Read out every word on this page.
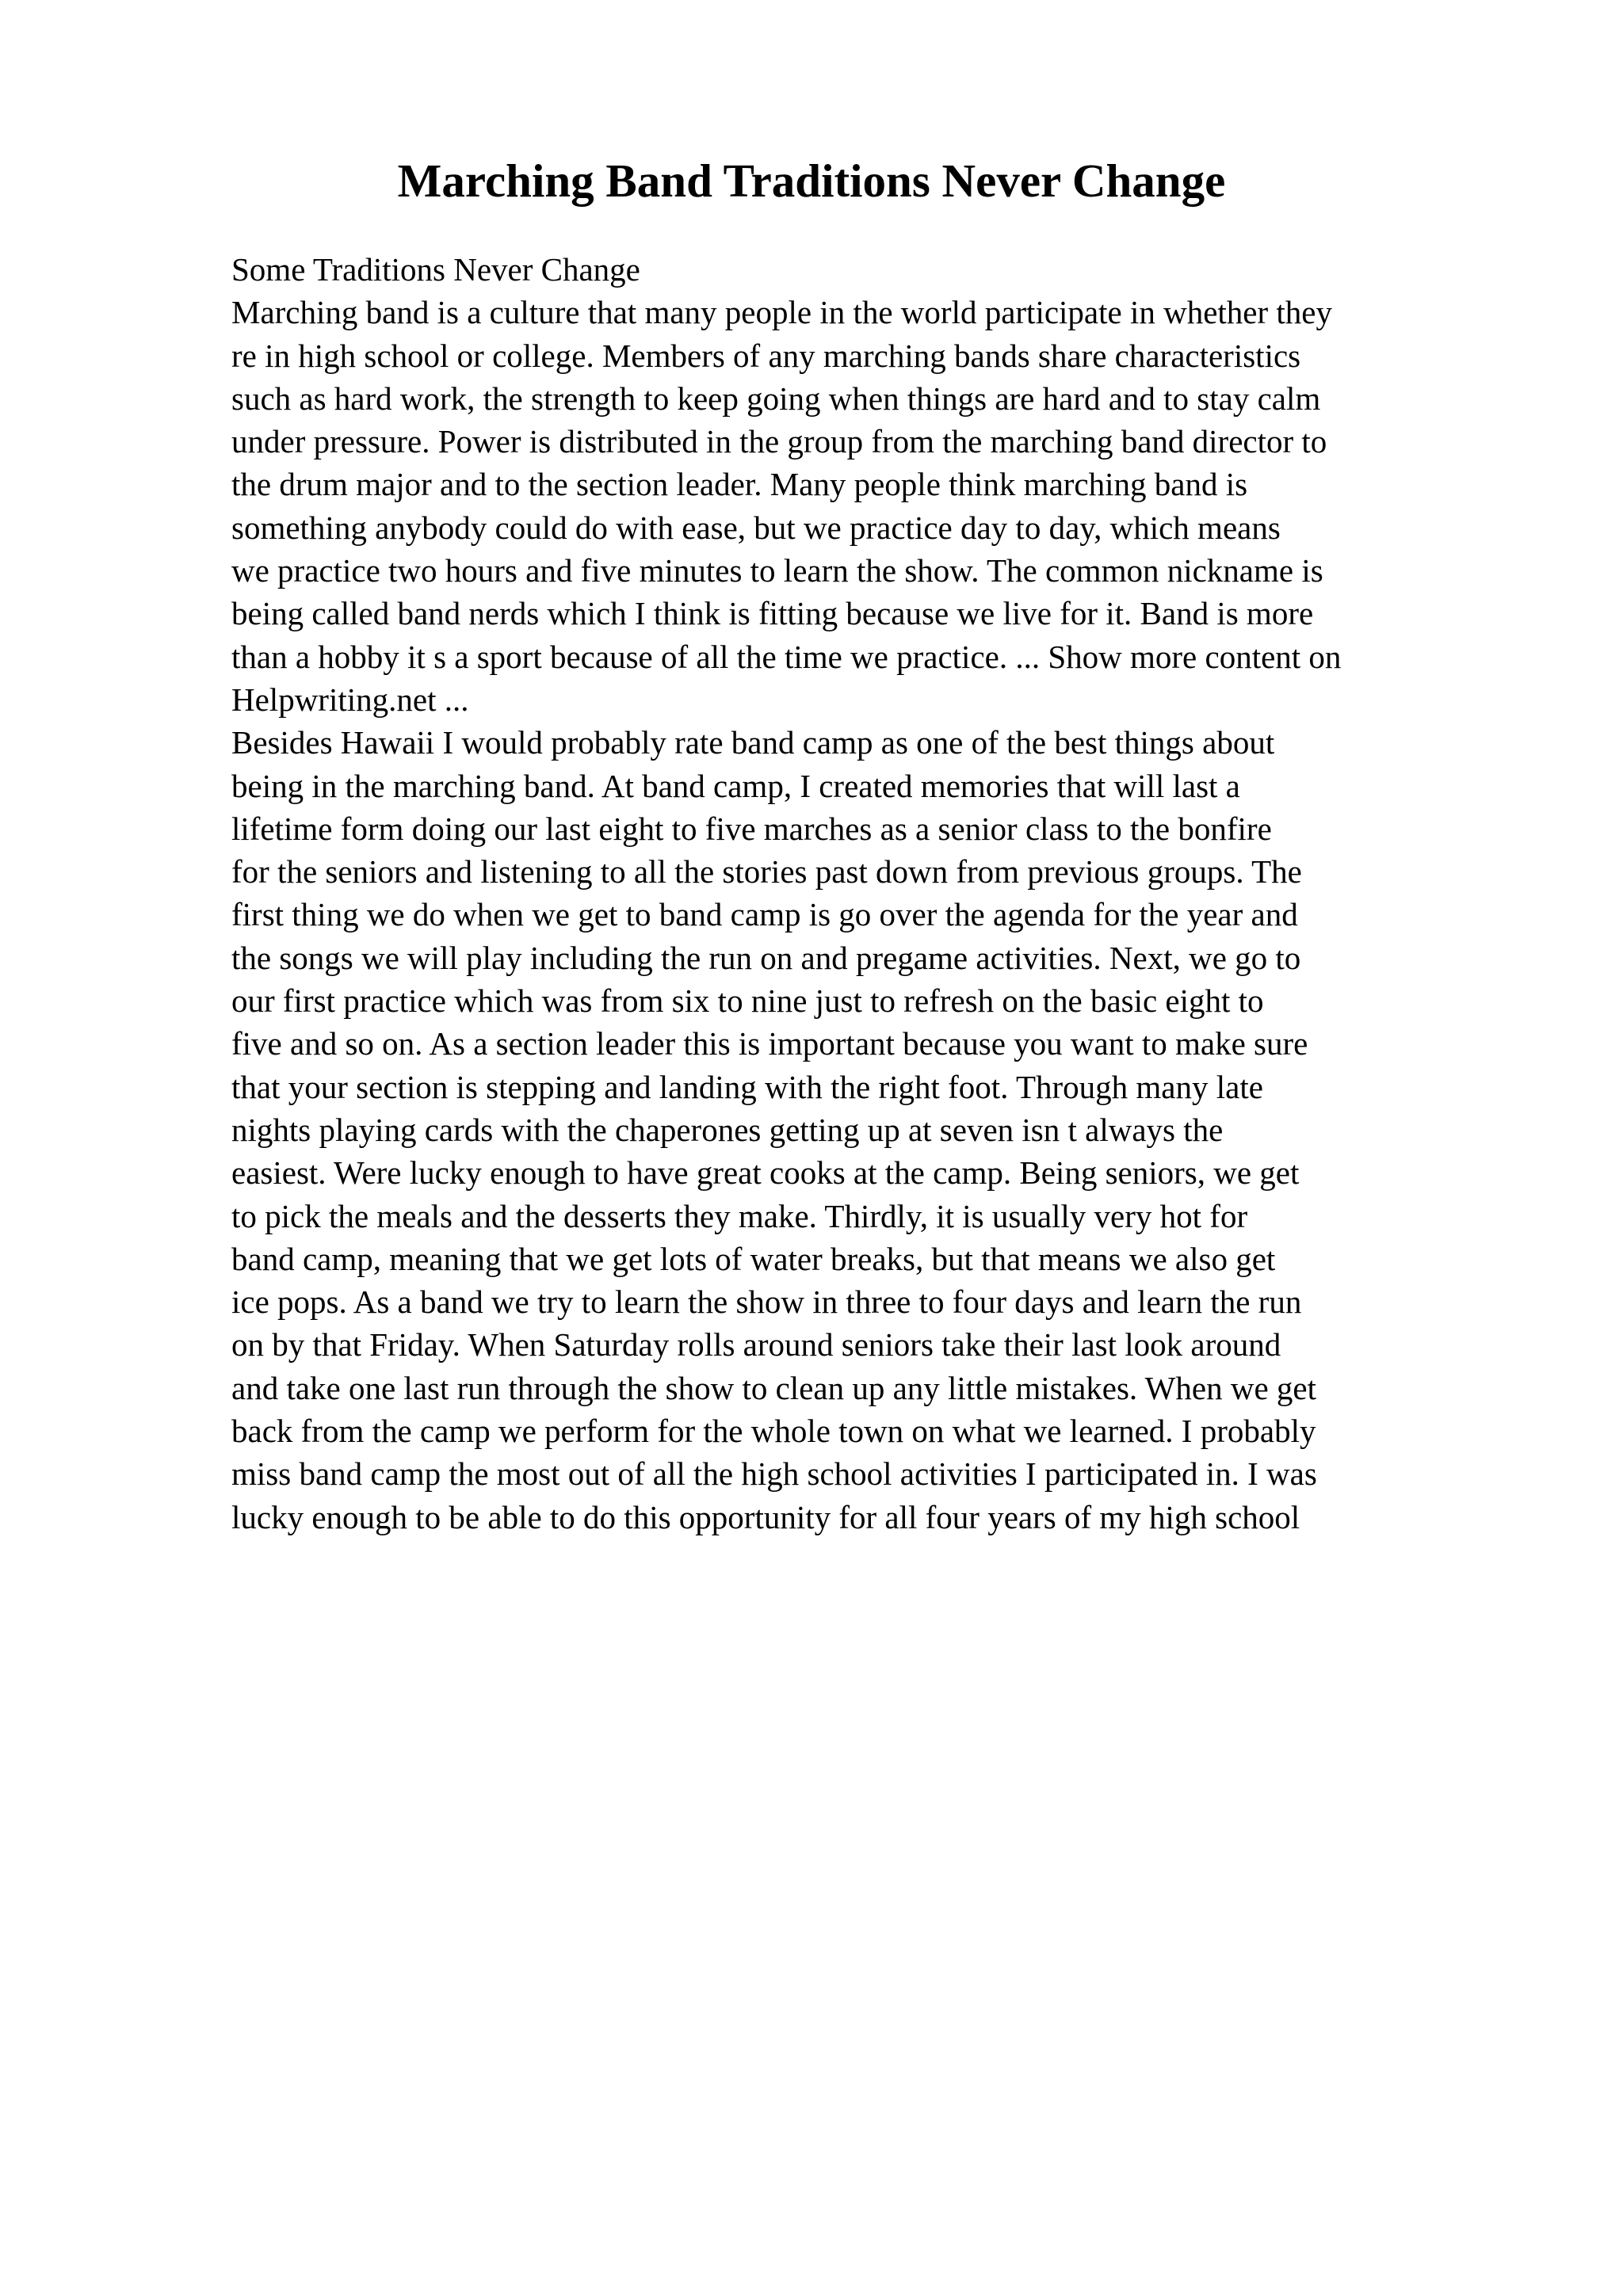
Marching Band Traditions Never Change
Some Traditions Never Change
Marching band is a culture that many people in the world participate in whether they
re in high school or college. Members of any marching bands share characteristics
such as hard work, the strength to keep going when things are hard and to stay calm
under pressure. Power is distributed in the group from the marching band director to
the drum major and to the section leader. Many people think marching band is
something anybody could do with ease, but we practice day to day, which means
we practice two hours and five minutes to learn the show. The common nickname is
being called band nerds which I think is fitting because we live for it. Band is more
than a hobby it s a sport because of all the time we practice. ... Show more content on
Helpwriting.net ...
Besides Hawaii I would probably rate band camp as one of the best things about
being in the marching band. At band camp, I created memories that will last a
lifetime form doing our last eight to five marches as a senior class to the bonfire
for the seniors and listening to all the stories past down from previous groups. The
first thing we do when we get to band camp is go over the agenda for the year and
the songs we will play including the run on and pregame activities. Next, we go to
our first practice which was from six to nine just to refresh on the basic eight to
five and so on. As a section leader this is important because you want to make sure
that your section is stepping and landing with the right foot. Through many late
nights playing cards with the chaperones getting up at seven isn t always the
easiest. Were lucky enough to have great cooks at the camp. Being seniors, we get
to pick the meals and the desserts they make. Thirdly, it is usually very hot for
band camp, meaning that we get lots of water breaks, but that means we also get
ice pops. As a band we try to learn the show in three to four days and learn the run
on by that Friday. When Saturday rolls around seniors take their last look around
and take one last run through the show to clean up any little mistakes. When we get
back from the camp we perform for the whole town on what we learned. I probably
miss band camp the most out of all the high school activities I participated in. I was
lucky enough to be able to do this opportunity for all four years of my high school
